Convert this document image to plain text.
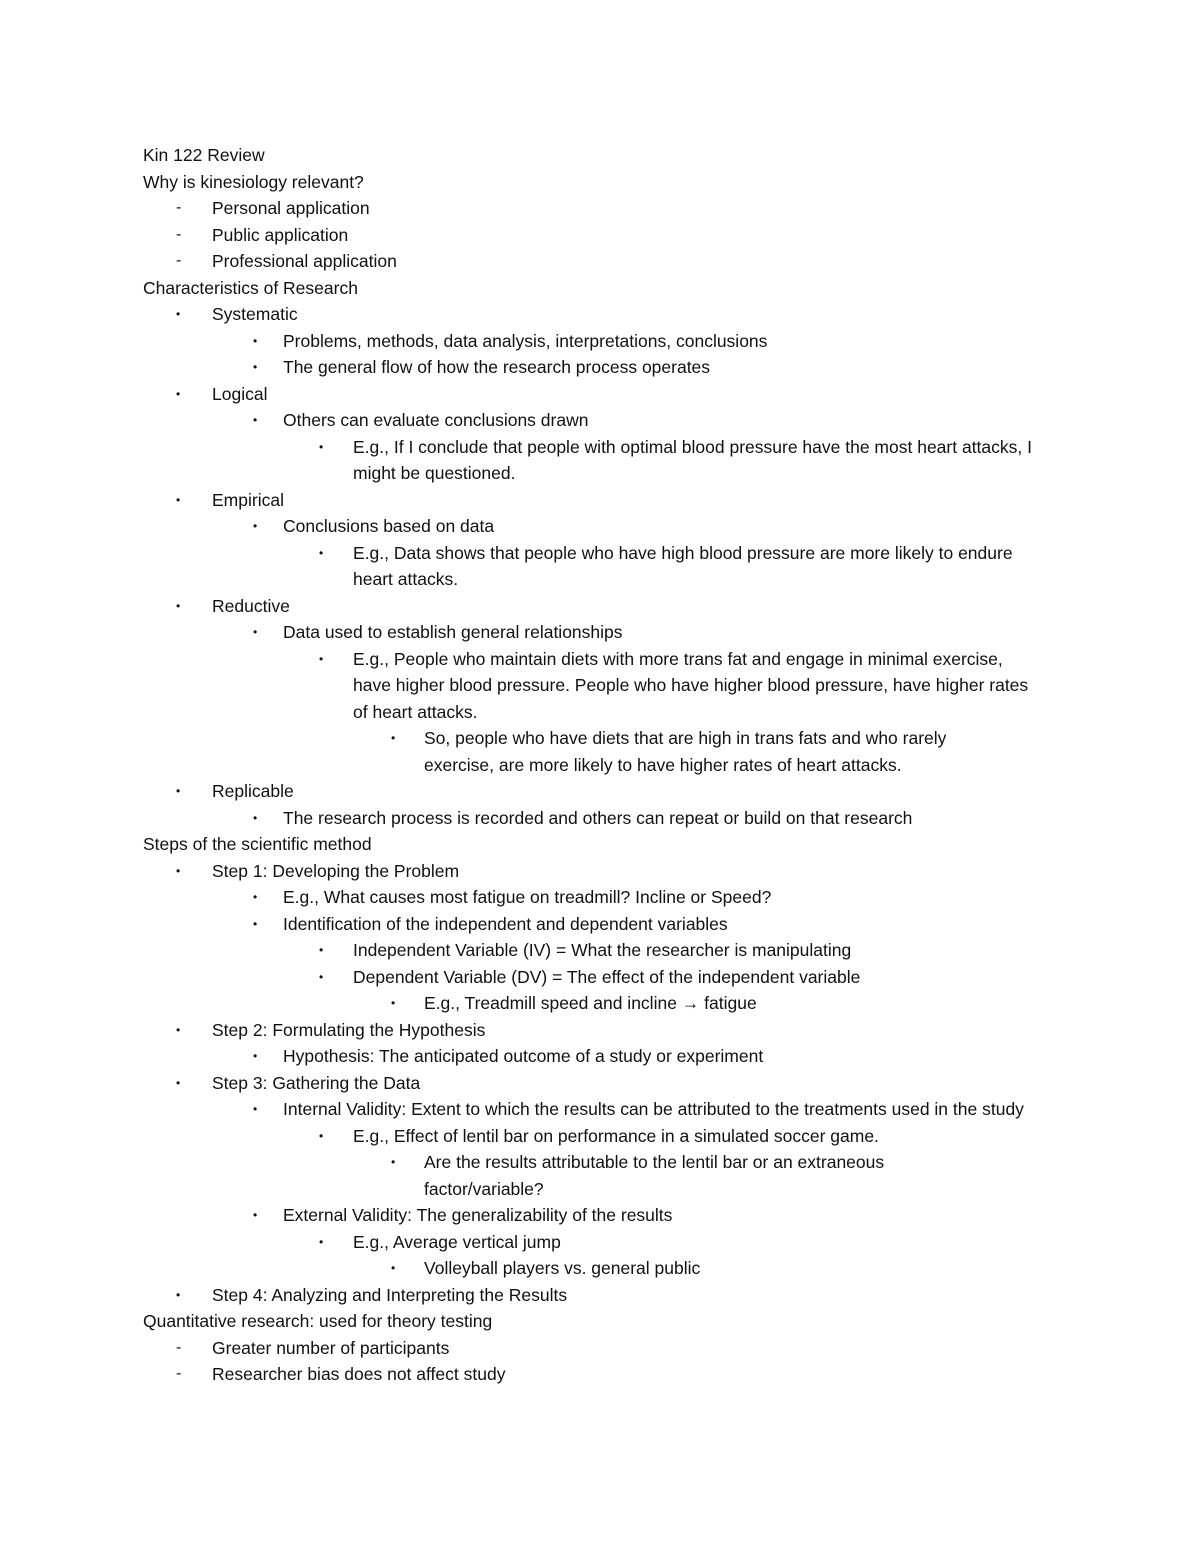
Kin 122 Review
Why is kinesiology relevant?
- Personal application
- Public application
- Professional application
Characteristics of Research
• Systematic
• Problems, methods, data analysis, interpretations, conclusions
• The general flow of how the research process operates
• Logical
• Others can evaluate conclusions drawn
• E.g., If I conclude that people with optimal blood pressure have the most heart attacks, I might be questioned.
• Empirical
• Conclusions based on data
• E.g., Data shows that people who have high blood pressure are more likely to endure heart attacks.
• Reductive
• Data used to establish general relationships
• E.g., People who maintain diets with more trans fat and engage in minimal exercise, have higher blood pressure. People who have higher blood pressure, have higher rates of heart attacks.
• So, people who have diets that are high in trans fats and who rarely exercise, are more likely to have higher rates of heart attacks.
• Replicable
• The research process is recorded and others can repeat or build on that research
Steps of the scientific method
• Step 1: Developing the Problem
• E.g., What causes most fatigue on treadmill? Incline or Speed?
• Identification of the independent and dependent variables
• Independent Variable (IV) = What the researcher is manipulating
• Dependent Variable (DV) = The effect of the independent variable
• E.g., Treadmill speed and incline → fatigue
• Step 2: Formulating the Hypothesis
• Hypothesis: The anticipated outcome of a study or experiment
• Step 3: Gathering the Data
• Internal Validity: Extent to which the results can be attributed to the treatments used in the study
• E.g., Effect of lentil bar on performance in a simulated soccer game.
• Are the results attributable to the lentil bar or an extraneous factor/variable?
• External Validity: The generalizability of the results
• E.g., Average vertical jump
• Volleyball players vs. general public
• Step 4: Analyzing and Interpreting the Results
Quantitative research: used for theory testing
- Greater number of participants
- Researcher bias does not affect study
